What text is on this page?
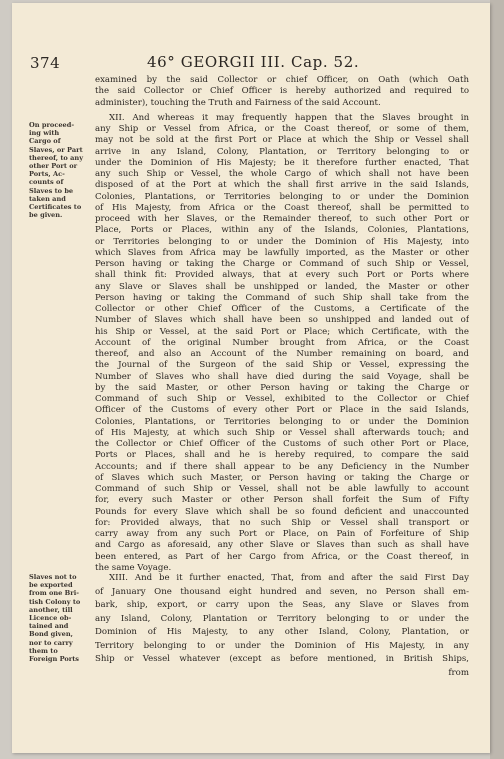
374	46° GEORGII III. Cap. 52.
On proceed-
ing with
Cargo of
Slaves, or Part
thereof, to any
other Port or
Ports, Ac-
counts of
Slaves to be
taken and
Certificates to
be given.
Slaves not to
be exported
from one Bri-
tish Colony to
another, till
Licence ob-
tained and
Bond given,
nor to carry
them to
Foreign Ports
examined by the said Collector or chief Officer, on Oath (which Oath
the said Collector or Chief Officer is hereby authorized and required to
administer), touching the Truth and Fairness of the said Account.
XII. And whereas it may frequently happen that the Slaves brought in
any Ship or Vessel from Africa, or the Coast thereof, or some of them,
may not be sold at the first Port or Place at which the Ship or Vessel shall
arrive in any Island, Colony, Plantation, or Territory belonging to or
under the Dominion of His Majesty; be it therefore further enacted, That
any such Ship or Vessel, the whole Cargo of which shall not have been
disposed of at the Port at which the shall first arrive in the said Islands,
Colonies, Plantations, or Territories belonging to or under the Dominion
of His Majesty, from Africa or the Coast thereof, shall be permitted to
proceed with her Slaves, or the Remainder thereof, to such other Port or
Place, Ports or Places, within any of the Islands, Colonies, Plantations,
or Territories belonging to or under the Dominion of His Majesty, into
which Slaves from Africa may be lawfully imported, as the Master or other
Person having or taking the Charge or Command of such Ship or Vessel,
shall think fit: Provided always, that at every such Port or Ports where
any Slave or Slaves shall be unshipped or landed, the Master or other
Person having or taking the Command of such Ship shall take from the
Collector or other Chief Officer of the Customs, a Certificate of the
Number of Slaves which shall have been so unshipped and landed out of
his Ship or Vessel, at the said Port or Place; which Certificate, with the
Account of the original Number brought from Africa, or the Coast
thereof, and also an Account of the Number remaining on board, and
the Journal of the Surgeon of the said Ship or Vessel, expressing the
Number of Slaves who shall have died during the said Voyage, shall be
by the said Master, or other Person having or taking the Charge or
Command of such Ship or Vessel, exhibited to the Collector or Chief
Officer of the Customs of every other Port or Place in the said Islands,
Colonies, Plantations, or Territories belonging to or under the Dominion
of His Majesty, at which such Ship or Vessel shall afterwards touch; and
the Collector or Chief Officer of the Customs of such other Port or Place,
Ports or Places, shall and he is hereby required, to compare the said
Accounts; and if there shall appear to be any Deficiency in the Number
of Slaves which such Master, or Person having or taking the Charge or
Command of such Ship or Vessel, shall not be able lawfully to account
for, every such Master or other Person shall forfeit the Sum of Fifty
Pounds for every Slave which shall be so found deficient and unaccounted
for: Provided always, that no such Ship or Vessel shall transport or
carry away from any such Port or Place, on Pain of Forfeiture of Ship
and Cargo as aforesaid, any other Slave or Slaves than such as shall have
been entered, as Part of her Cargo from Africa, or the Coast thereof, in
the same Voyage.
XIII. And be it further enacted, That, from and after the said First Day
of January One thousand eight hundred and seven, no Person shall em-
bark, ship, export, or carry upon the Seas, any Slave or Slaves from
any Island, Colony, Plantation or Territory belonging to or under the
Dominion of His Majesty, to any other Island, Colony, Plantation, or
Territory belonging to or under the Dominion of His Majesty, in any
Ship or Vessel whatever (except as before mentioned, in British Ships,
from
